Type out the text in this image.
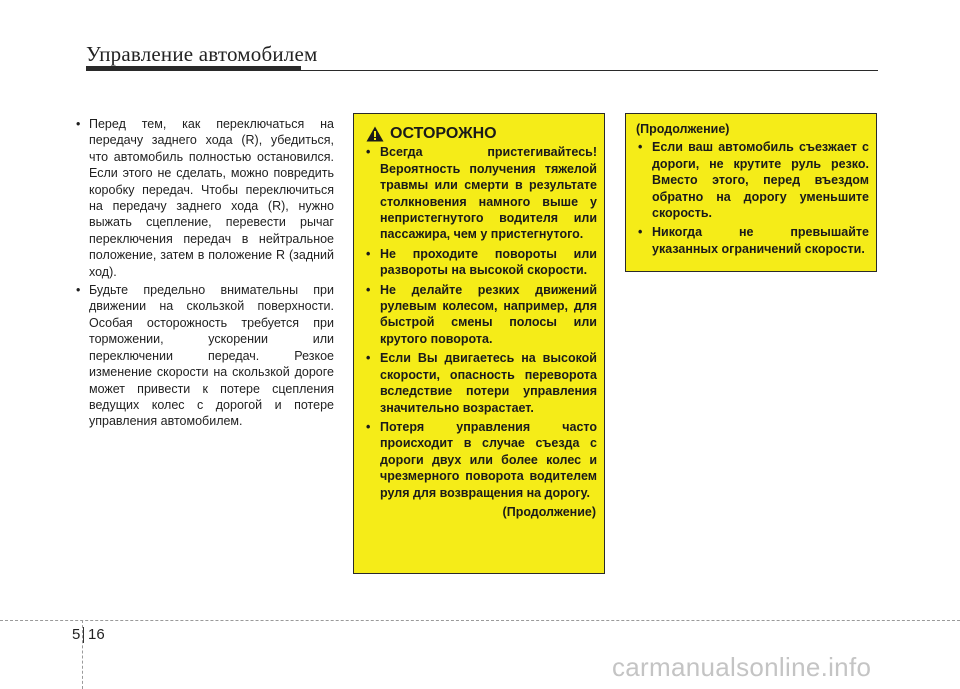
Управление автомобилем
• Перед тем, как переключаться на передачу заднего хода (R), убедиться, что автомобиль полностью остановился. Если этого не сделать, можно повредить коробку передач. Чтобы переключиться на передачу заднего хода (R), нужно выжать сцепление, перевести рычаг переключения передач в нейтральное положение, затем в положение R (задний ход).
• Будьте предельно внимательны при движении на скользкой поверхности. Особая осторожность требуется при торможении, ускорении или переключении передач. Резкое изменение скорости на скользкой дороге может привести к потере сцепления ведущих колес с дорогой и потере управления автомобилем.
ОСТОРОЖНО
• Всегда пристегивайтесь! Вероятность получения тяжелой травмы или смерти в результате столкновения намного выше у непристегнутого водителя или пассажира, чем у пристегнутого.
• Не проходите повороты или развороты на высокой скорости.
• Не делайте резких движений рулевым колесом, например, для быстрой смены полосы или крутого поворота.
• Если Вы двигаетесь на высокой скорости, опасность переворота вследствие потери управления значительно возрастает.
• Потеря управления часто происходит в случае съезда с дороги двух или более колес и чрезмерного поворота водителем руля для возвращения на дорогу.
(Продолжение)
(Продолжение)
• Если ваш автомобиль съезжает с дороги, не крутите руль резко. Вместо этого, перед въездом обратно на дорогу уменьшите скорость.
• Никогда не превышайте указанных ограничений скорости.
5 16
carmanualsonline.info
